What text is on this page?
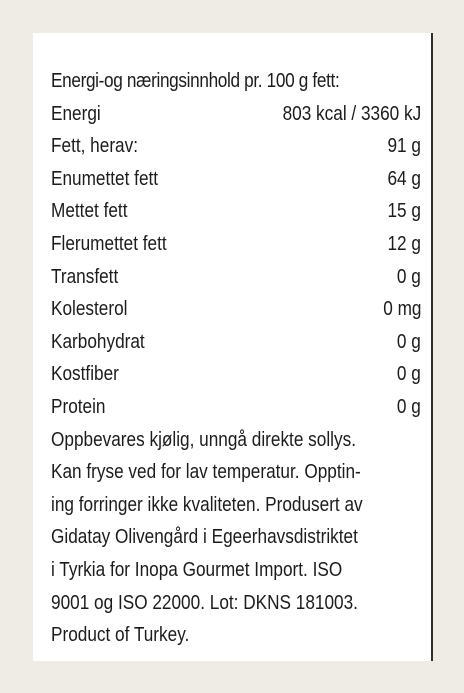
Energi-og næringsinnhold pr. 100 g fett:
Energi	803 kcal / 3360 kJ
Fett, herav:	91 g
Enumettet fett	64 g
Mettet fett	15 g
Flerumettet fett	12 g
Transfett	0 g
Kolesterol	0 mg
Karbohydrat	0 g
Kostfiber	0 g
Protein	0 g
Oppbevares kjølig, unngå direkte sollys.
Kan fryse ved for lav temperatur. Opptin-
ing forringer ikke kvaliteten. Produsert av
Gidatay Olivengård i Egeerhavsdistriktet
i Tyrkia for Inopa Gourmet Import. ISO
9001 og ISO 22000. Lot: DKNS 181003.
Product of Turkey.
